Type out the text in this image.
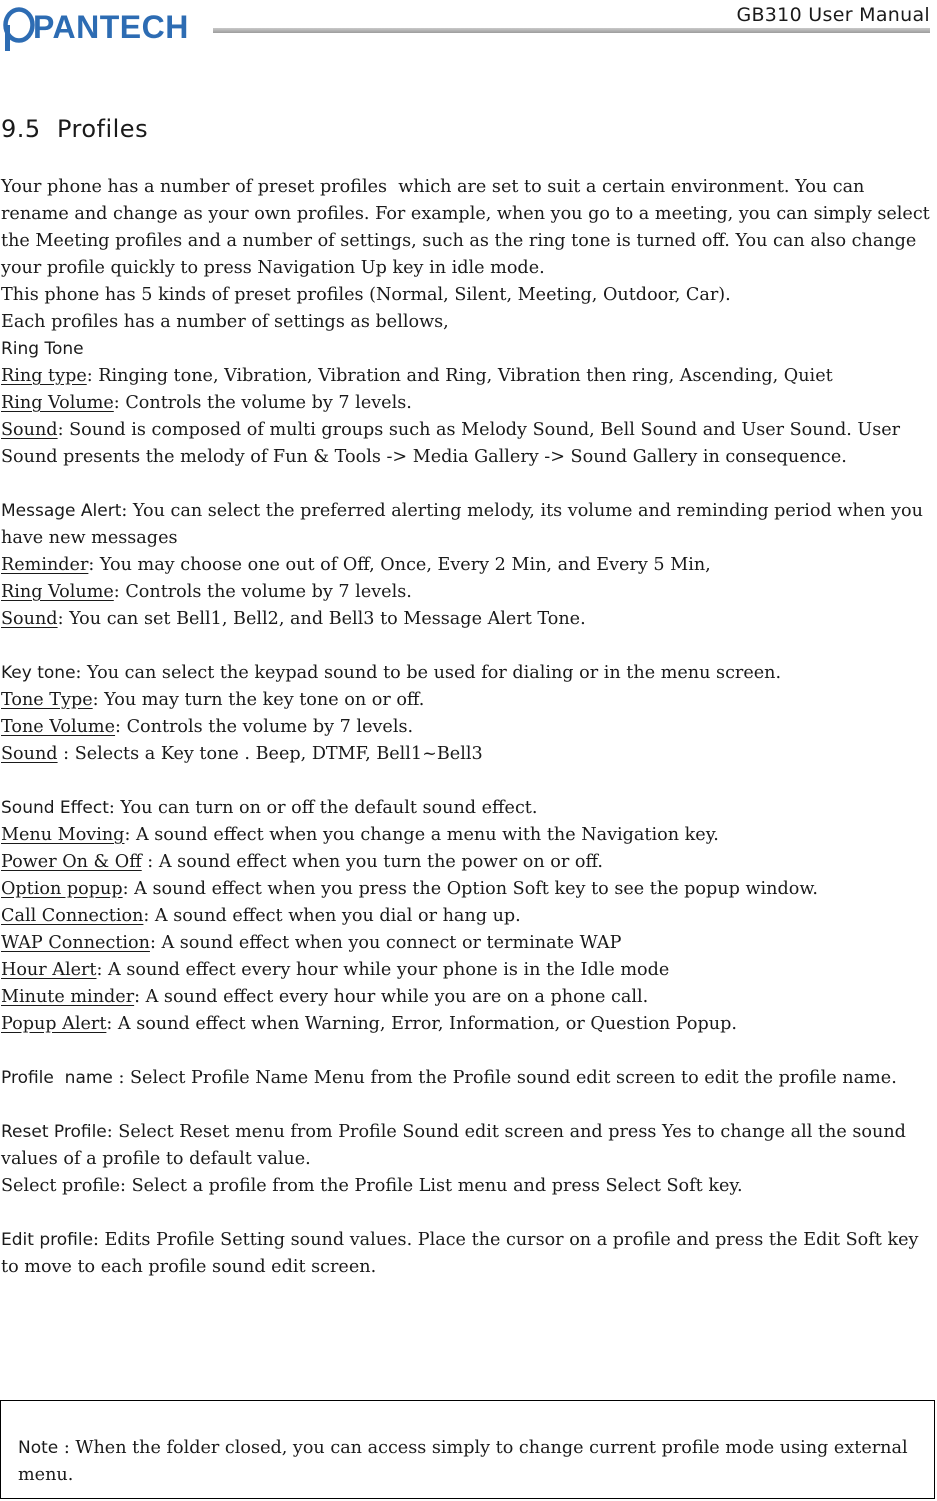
PANTECH	GB310 User Manual
9.5 Profiles

Your phone has a number of preset profiles  which are set to suit a certain environment. You can rename and change as your own profiles. For example, when you go to a meeting, you can simply select the Meeting profiles and a number of settings, such as the ring tone is turned off. You can also change your profile quickly to press Navigation Up key in idle mode.

This phone has 5 kinds of preset profiles (Normal, Silent, Meeting, Outdoor, Car).

Each profiles has a number of settings as bellows,

Ring Tone

Ring type: Ringing tone, Vibration, Vibration and Ring, Vibration then ring, Ascending, Quiet

Ring Volume: Controls the volume by 7 levels.

Sound: Sound is composed of multi groups such as Melody Sound, Bell Sound and User Sound. User Sound presents the melody of Fun & Tools -> Media Gallery -> Sound Gallery in consequence.

Message Alert: You can select the preferred alerting melody, its volume and reminding period when you have new messages

Reminder: You may choose one out of Off, Once, Every 2 Min, and Every 5 Min,

Ring Volume: Controls the volume by 7 levels.

Sound: You can set Bell1, Bell2, and Bell3 to Message Alert Tone.

Key tone: You can select the keypad sound to be used for dialing or in the menu screen.

Tone Type: You may turn the key tone on or off.

Tone Volume: Controls the volume by 7 levels.

Sound : Selects a Key tone . Beep, DTMF, Bell1~Bell3

Sound Effect: You can turn on or off the default sound effect.

Menu Moving: A sound effect when you change a menu with the Navigation key.

Power On & Off : A sound effect when you turn the power on or off.

Option popup: A sound effect when you press the Option Soft key to see the popup window.

Call Connection: A sound effect when you dial or hang up.

WAP Connection: A sound effect when you connect or terminate WAP

Hour Alert: A sound effect every hour while your phone is in the Idle mode

Minute minder: A sound effect every hour while you are on a phone call.

Popup Alert: A sound effect when Warning, Error, Information, or Question Popup.

Profile  name : Select Profile Name Menu from the Profile sound edit screen to edit the profile name.

Reset Profile: Select Reset menu from Profile Sound edit screen and press Yes to change all the sound values of a profile to default value.

Select profile: Select a profile from the Profile List menu and press Select Soft key.

Edit profile: Edits Profile Setting sound values. Place the cursor on a profile and press the Edit Soft key to move to each profile sound edit screen.

Note : When the folder closed, you can access simply to change current profile mode using external menu.
